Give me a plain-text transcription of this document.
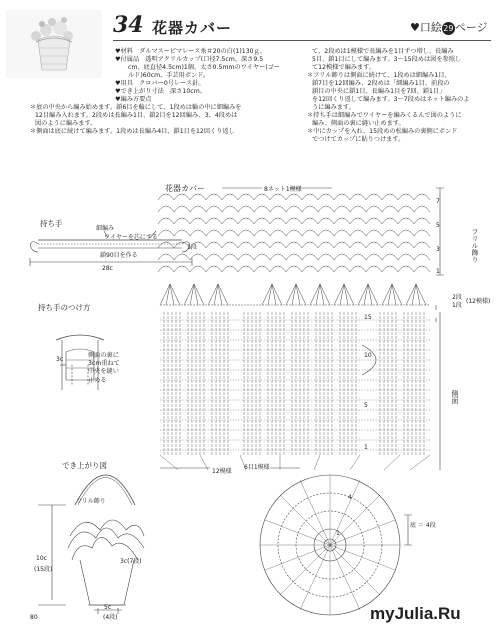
34 花器カバー	♥口絵29ページ
♥材料　ダルマスーピマレース糸＃20の白(1)130ｇ。
♥付属品　透明アクリルカップ(口径7.5cm、深さ9.5
cm、底直径4.5cm)1個、太さ0.5mmのワイヤー(ゴー
ルド)60cm、手芸用ボンド。
♥用具　クロバー0号レース針。
♥でき上がり寸法　深さ10cm。
♥編み方要点
＊底の中央から編み始めます。鎖6目を輪にして、1段めは輪の中に細編みを
12目編み入れます。2段めは長編み1目、鎖2目を12回編み、3、4段めは
図のように編みます。
＊側面は底に続けて編みます。1段めは長編み4目、鎖1目を12回くり返し
て、2段めは1模様で長編みを1目ずつ増し、長編み
5目、鎖1目にして編みます。3〜15段めは図を参照し
て12模様で編みます。
＊フリル飾りは側面に続けて、1段めは細編み1目、
鎖7目を12回編み、2段めは「細編み1目、前段の
鎖目の中央に鎖1目、長編み1目を7回、鎖1目」
を12回くり返して編みます。3〜7段めはネット編みのよ
うに編みます。
＊持ち手は細編みでワイヤーを編みくるんで図のように
編み、側面の裏に縫い止めます。
＊中にカップを入れ、15段めの松編みの裏側にボンド
でつけてカップに貼りつけます。
花器カバー	8ネット1模様
持ち手
細編み
ワイヤーを芯にする
1段
鎖90目を作る
28c
持ち手のつけ方
3c
側面の裏に
3cm重ねて
中央を縫い
止める
でき上がり図
フリル飾り
3c(7段)
10c
(15段)
5c
(4段)
フリル飾り
側面
底 ＝ 4段
7
5
3
1
2段
1段
(12模様)
15
10
5
1
6目1模様
12模様
4
1
80	myJulia.Ru
